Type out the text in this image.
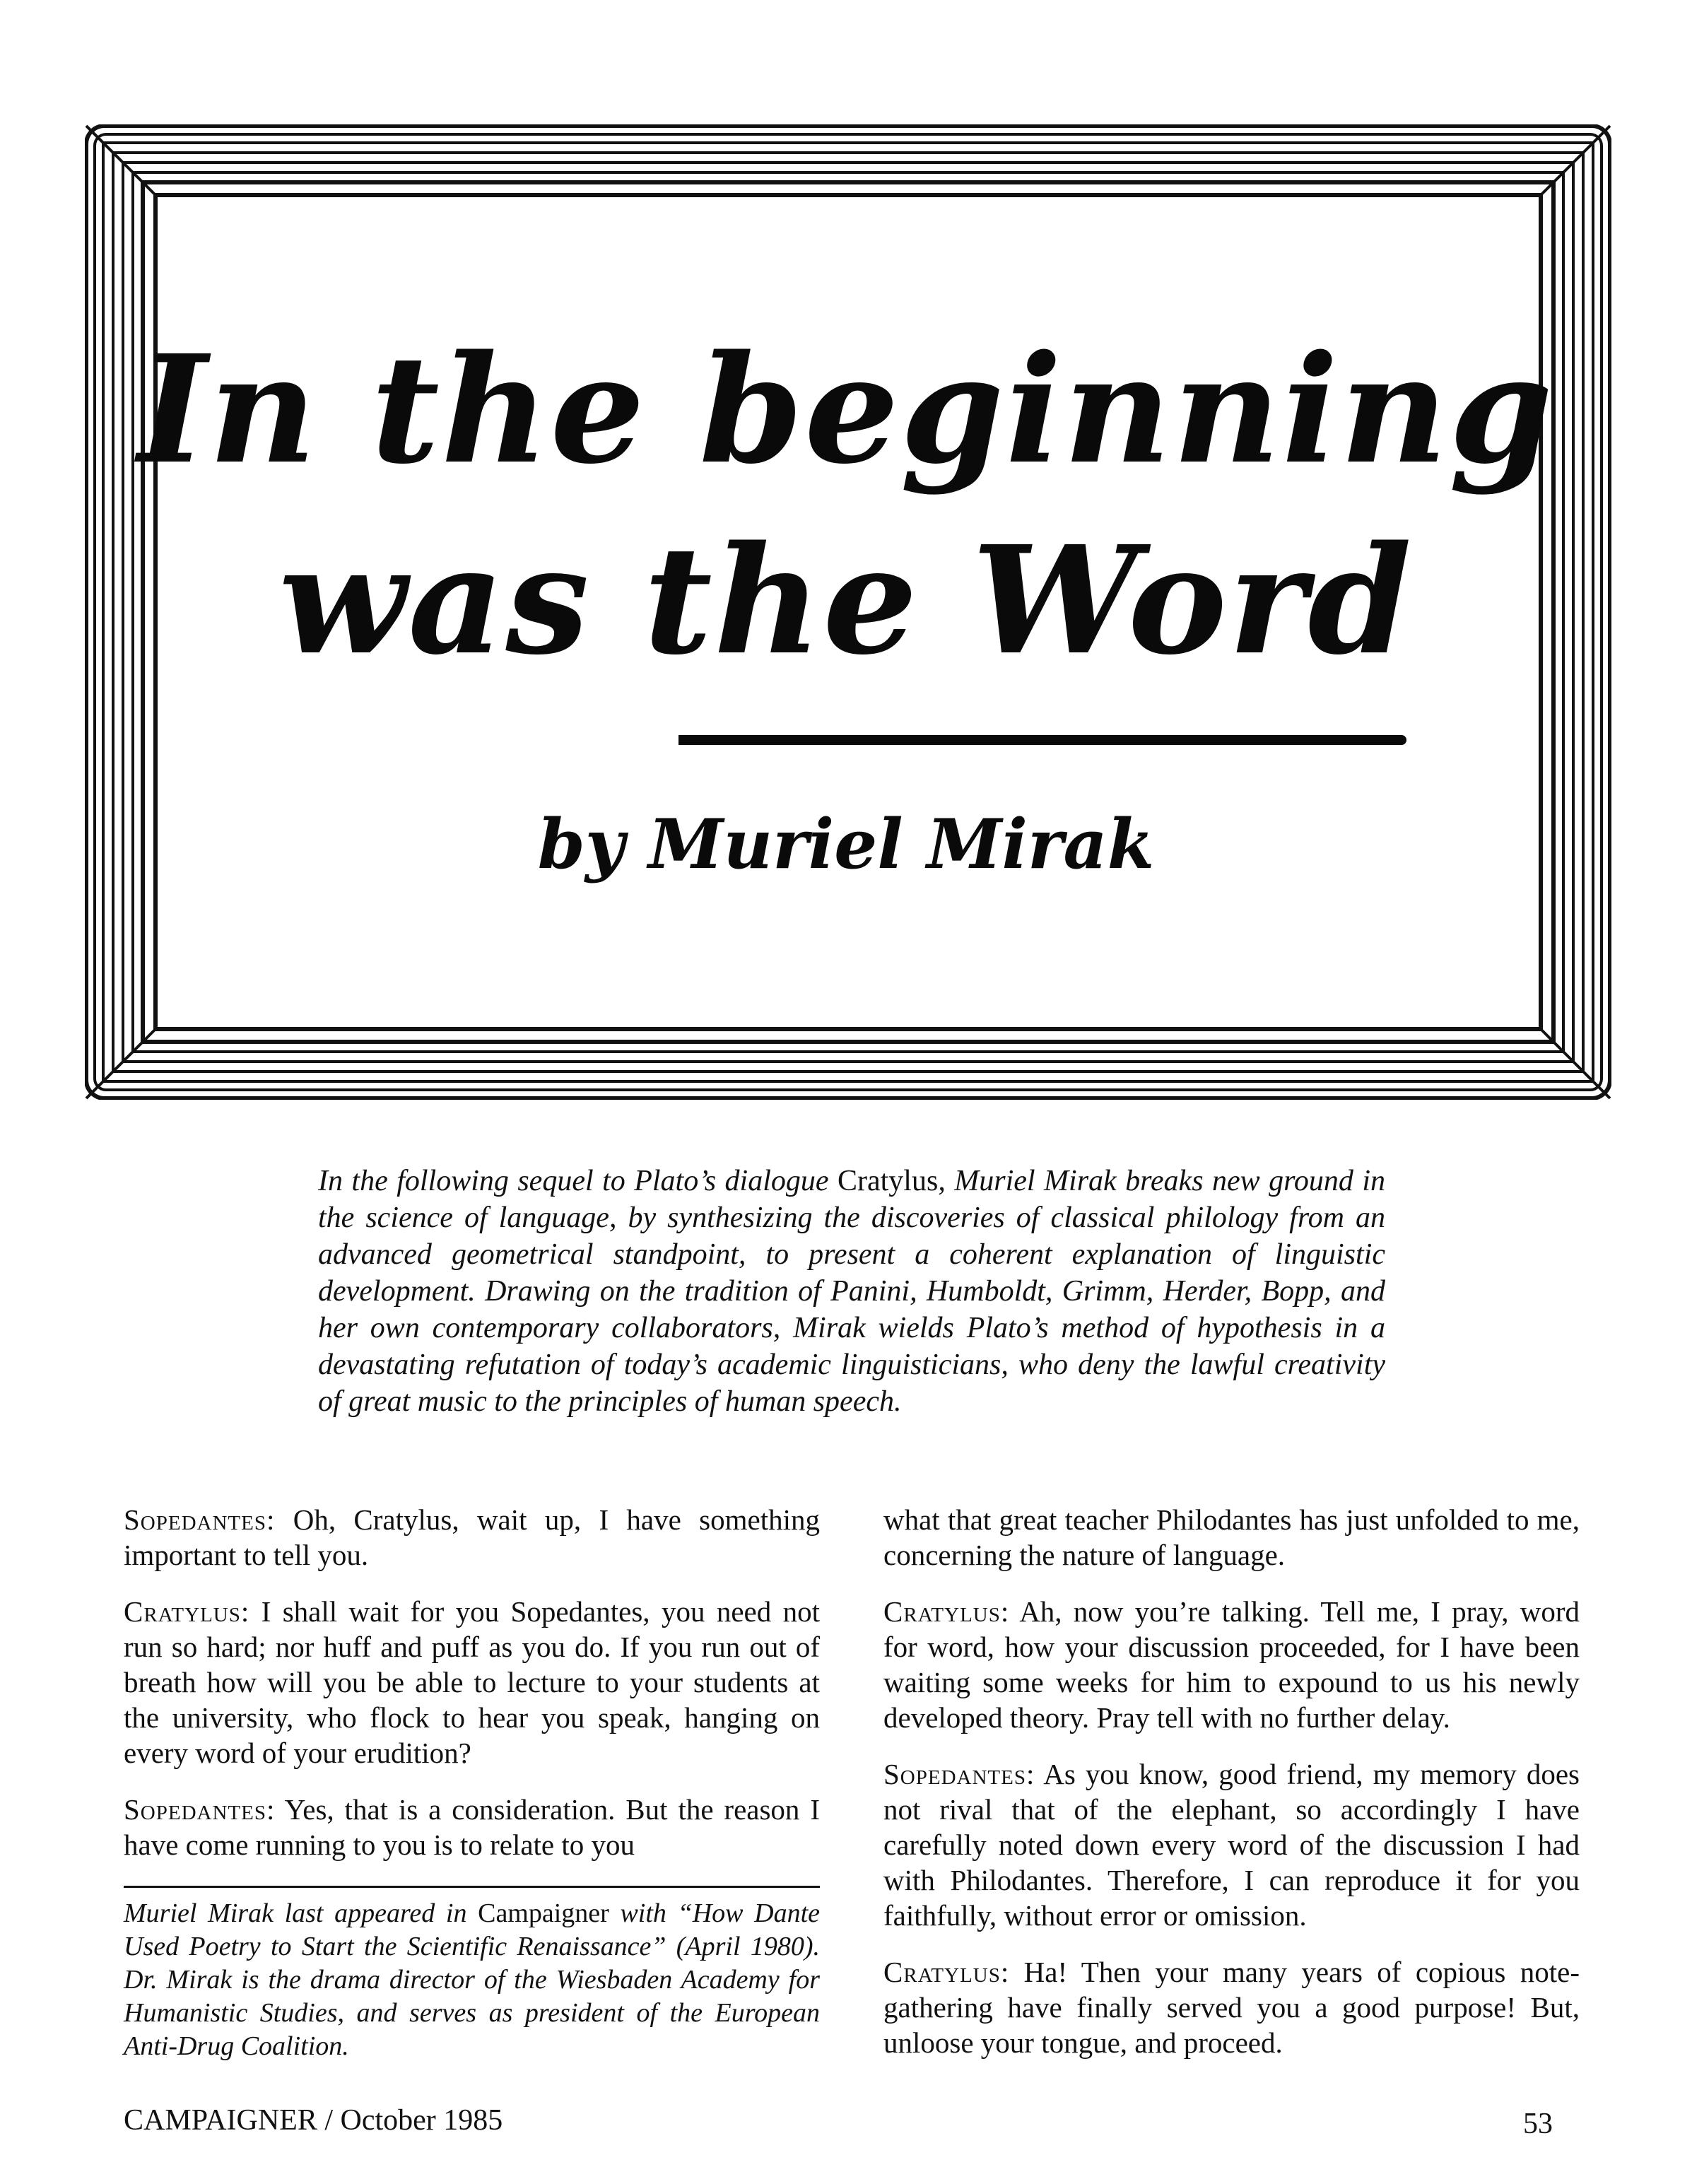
In the beginning
was the Word
by Muriel Mirak

In the following sequel to Plato’s dialogue Cratylus, Muriel Mirak breaks new ground in the science of language, by synthesizing the discoveries of classical philology from an advanced geometrical standpoint, to present a coherent explanation of linguistic development. Drawing on the tradition of Panini, Humboldt, Grimm, Herder, Bopp, and her own contemporary collaborators, Mirak wields Plato’s method of hypothesis in a devastating refutation of today’s academic linguisticians, who deny the lawful creativity of great music to the principles of human speech.

Sopedantes: Oh, Cratylus, wait up, I have something important to tell you.

Cratylus: I shall wait for you Sopedantes, you need not run so hard; nor huff and puff as you do. If you run out of breath how will you be able to lecture to your students at the university, who flock to hear you speak, hanging on every word of your erudition?

Sopedantes: Yes, that is a consideration. But the reason I have come running to you is to relate to you

what that great teacher Philodantes has just unfolded to me, concerning the nature of language.

Cratylus: Ah, now you’re talking. Tell me, I pray, word for word, how your discussion proceeded, for I have been waiting some weeks for him to expound to us his newly developed theory. Pray tell with no further delay.

Sopedantes: As you know, good friend, my memory does not rival that of the elephant, so accordingly I have carefully noted down every word of the discussion I had with Philodantes. Therefore, I can reproduce it for you faithfully, without error or omission.

Cratylus: Ha! Then your many years of copious note-gathering have finally served you a good purpose! But, unloose your tongue, and proceed.

Muriel Mirak last appeared in Campaigner with “How Dante Used Poetry to Start the Scientific Renaissance” (April 1980). Dr. Mirak is the drama director of the Wiesbaden Academy for Humanistic Studies, and serves as president of the European Anti-Drug Coalition.

CAMPAIGNER / October 1985	53
